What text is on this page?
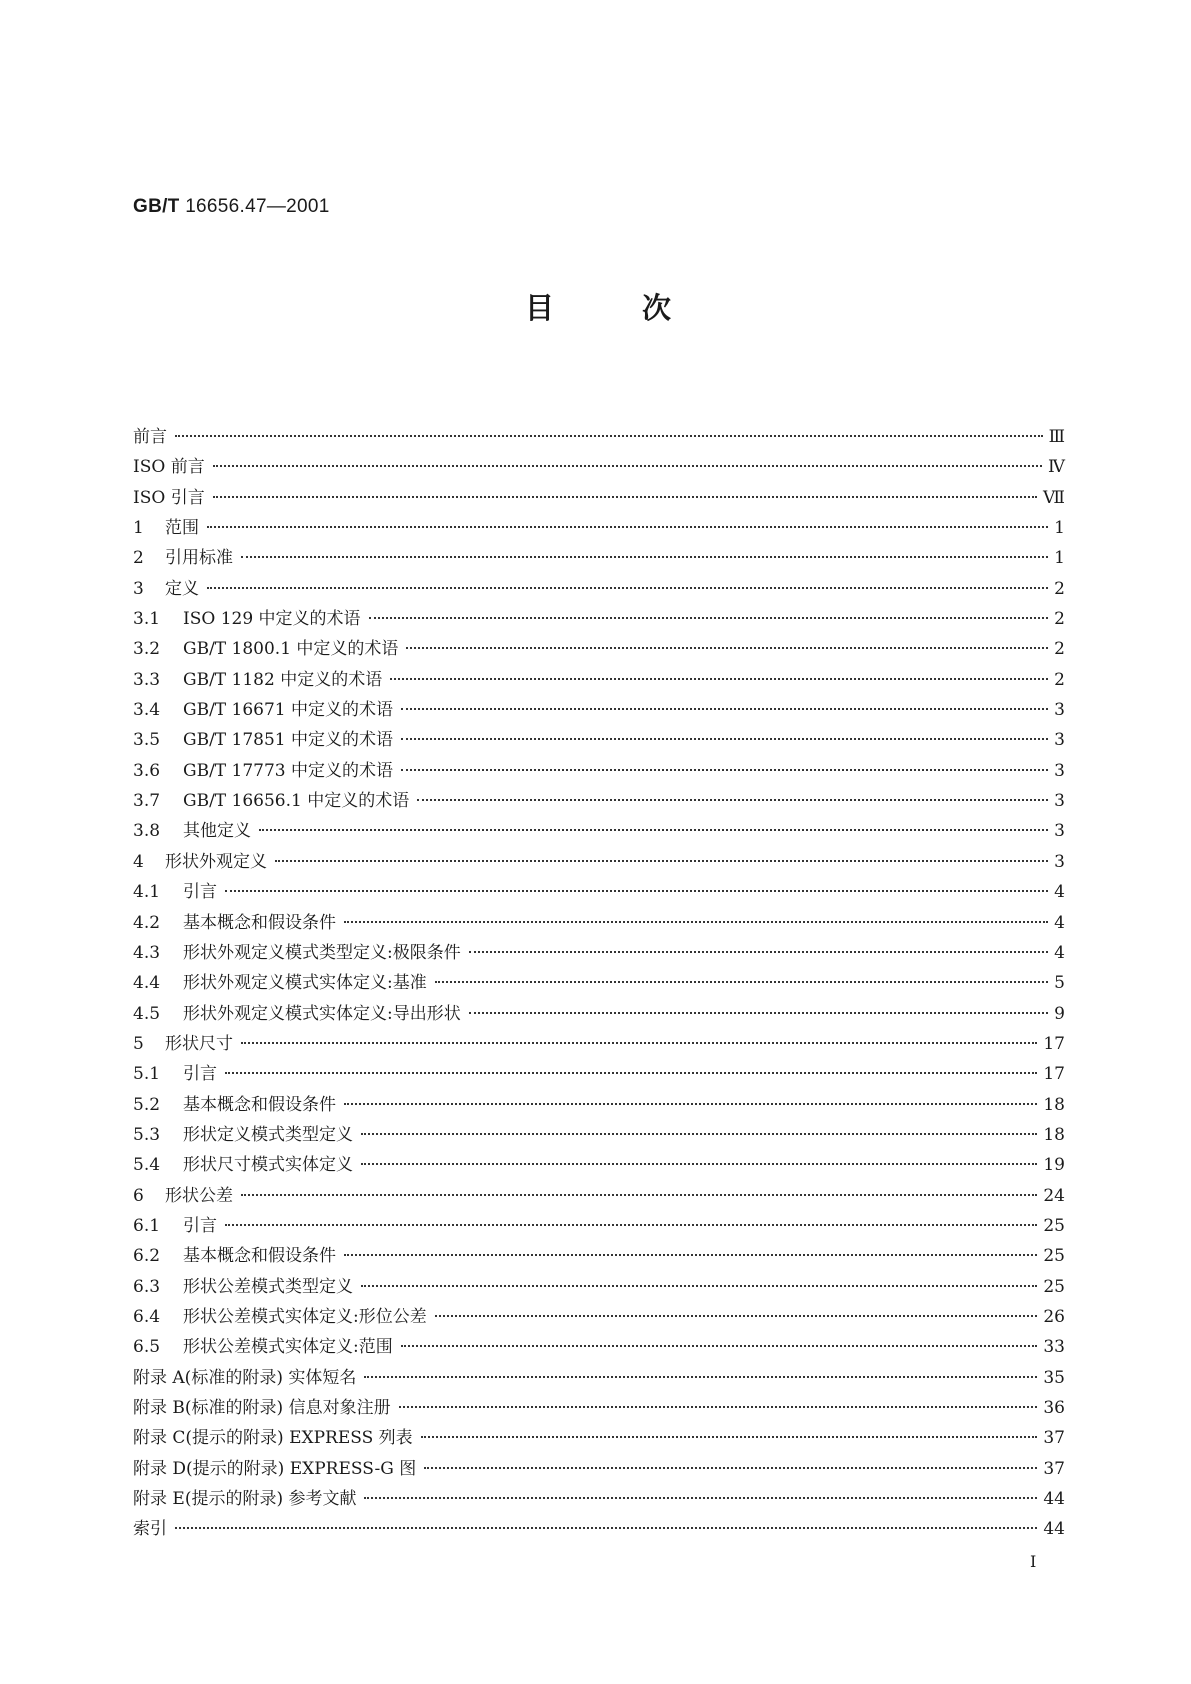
GB/T 16656.47—2001
目	次
前言	Ⅲ
ISO 前言	Ⅳ
ISO 引言	Ⅶ
1	范围	1
2	引用标准	1
3	定义	2
3.1	ISO 129 中定义的术语	2
3.2	GB/T 1800.1 中定义的术语	2
3.3	GB/T 1182 中定义的术语	2
3.4	GB/T 16671 中定义的术语	3
3.5	GB/T 17851 中定义的术语	3
3.6	GB/T 17773 中定义的术语	3
3.7	GB/T 16656.1 中定义的术语	3
3.8	其他定义	3
4	形状外观定义	3
4.1	引言	4
4.2	基本概念和假设条件	4
4.3	形状外观定义模式类型定义:极限条件	4
4.4	形状外观定义模式实体定义:基准	5
4.5	形状外观定义模式实体定义:导出形状	9
5	形状尺寸	17
5.1	引言	17
5.2	基本概念和假设条件	18
5.3	形状定义模式类型定义	18
5.4	形状尺寸模式实体定义	19
6	形状公差	24
6.1	引言	25
6.2	基本概念和假设条件	25
6.3	形状公差模式类型定义	25
6.4	形状公差模式实体定义:形位公差	26
6.5	形状公差模式实体定义:范围	33
附录 A(标准的附录) 实体短名	35
附录 B(标准的附录) 信息对象注册	36
附录 C(提示的附录) EXPRESS 列表	37
附录 D(提示的附录) EXPRESS-G 图	37
附录 E(提示的附录) 参考文献	44
索引	44
I
